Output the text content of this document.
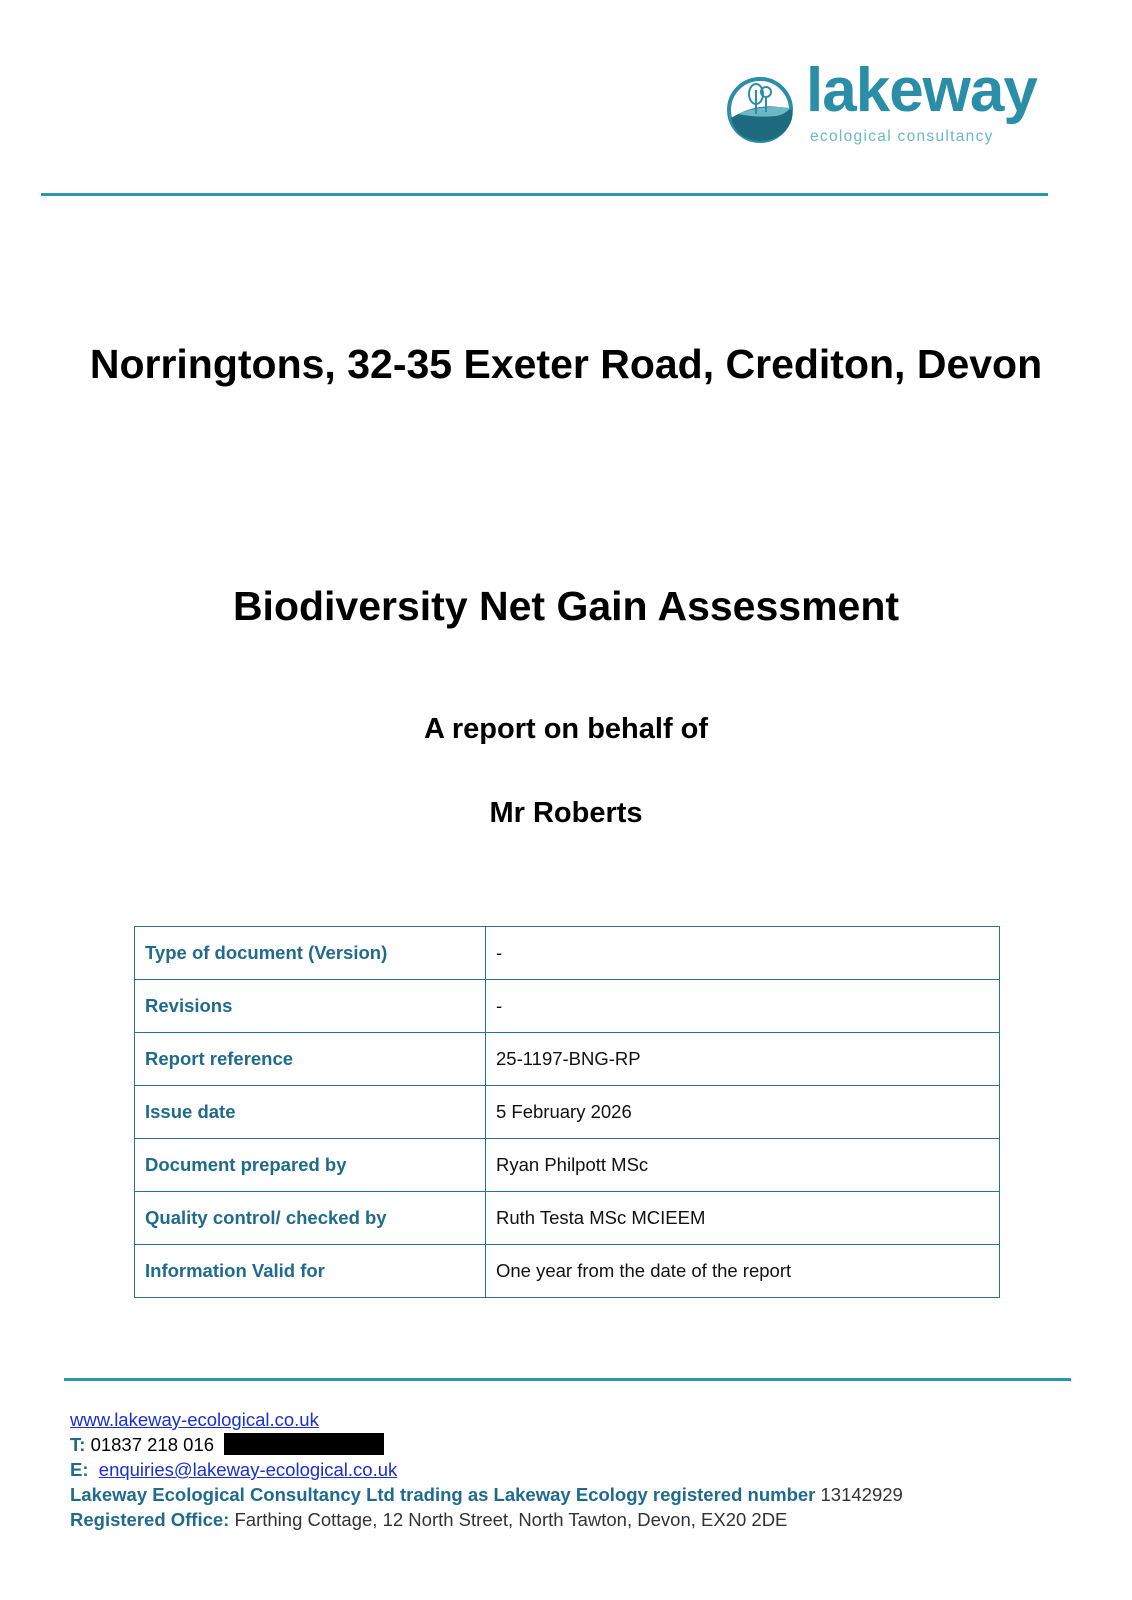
lakeway
ecological consultancy
Norringtons, 32-35 Exeter Road, Crediton, Devon
Biodiversity Net Gain Assessment
A report on behalf of
Mr Roberts
Type of document (Version)	-
Revisions	-
Report reference	25-1197-BNG-RP
Issue date	5 February 2026
Document prepared by	Ryan Philpott MSc
Quality control/ checked by	Ruth Testa MSc MCIEEM
Information Valid for	One year from the date of the report
www.lakeway-ecological.co.uk
T: 01837 218 016
E: enquiries@lakeway-ecological.co.uk
Lakeway Ecological Consultancy Ltd trading as Lakeway Ecology registered number 13142929
Registered Office: Farthing Cottage, 12 North Street, North Tawton, Devon, EX20 2DE
